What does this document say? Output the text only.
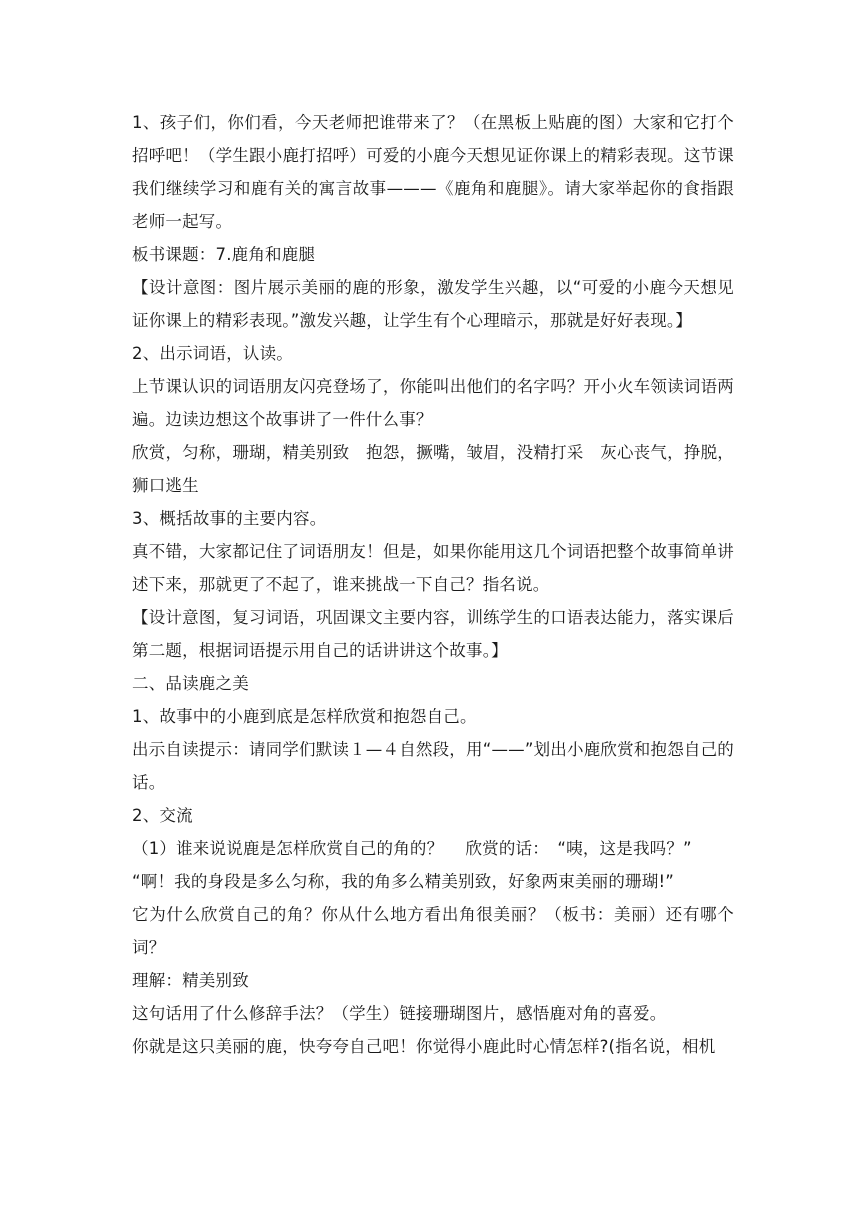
1、孩子们，你们看，今天老师把谁带来了？（在黑板上贴鹿的图）大家和它打个招呼吧！（学生跟小鹿打招呼）可爱的小鹿今天想见证你课上的精彩表现。这节课我们继续学习和鹿有关的寓言故事———《鹿角和鹿腿》。请大家举起你的食指跟老师一起写。

板书课题：7.鹿角和鹿腿

【设计意图：图片展示美丽的鹿的形象，激发学生兴趣，以“可爱的小鹿今天想见证你课上的精彩表现。”激发兴趣，让学生有个心理暗示，那就是好好表现。】

2、出示词语，认读。

上节课认识的词语朋友闪亮登场了，你能叫出他们的名字吗？开小火车领读词语两遍。边读边想这个故事讲了一件什么事？

欣赏，匀称，珊瑚，精美别致　抱怨，撅嘴，皱眉，没精打采　灰心丧气，挣脱，狮口逃生

3、概括故事的主要内容。

真不错，大家都记住了词语朋友！但是，如果你能用这几个词语把整个故事简单讲述下来，那就更了不起了，谁来挑战一下自己？指名说。

【设计意图，复习词语，巩固课文主要内容，训练学生的口语表达能力，落实课后第二题，根据词语提示用自己的话讲讲这个故事。】

二、品读鹿之美

1、故事中的小鹿到底是怎样欣赏和抱怨自己。

出示自读提示：请同学们默读１—４自然段，用“——”划出小鹿欣赏和抱怨自己的话。

2、交流

（1）谁来说说鹿是怎样欣赏自己的角的？　 欣赏的话：　“咦，这是我吗？”

“啊！我的身段是多么匀称，我的角多么精美别致，好象两束美丽的珊瑚!”

它为什么欣赏自己的角？你从什么地方看出角很美丽？（板书：美丽）还有哪个词？

理解：精美别致

这句话用了什么修辞手法？（学生）链接珊瑚图片，感悟鹿对角的喜爱。

你就是这只美丽的鹿，快夸夸自己吧！你觉得小鹿此时心情怎样?(指名说，相机
